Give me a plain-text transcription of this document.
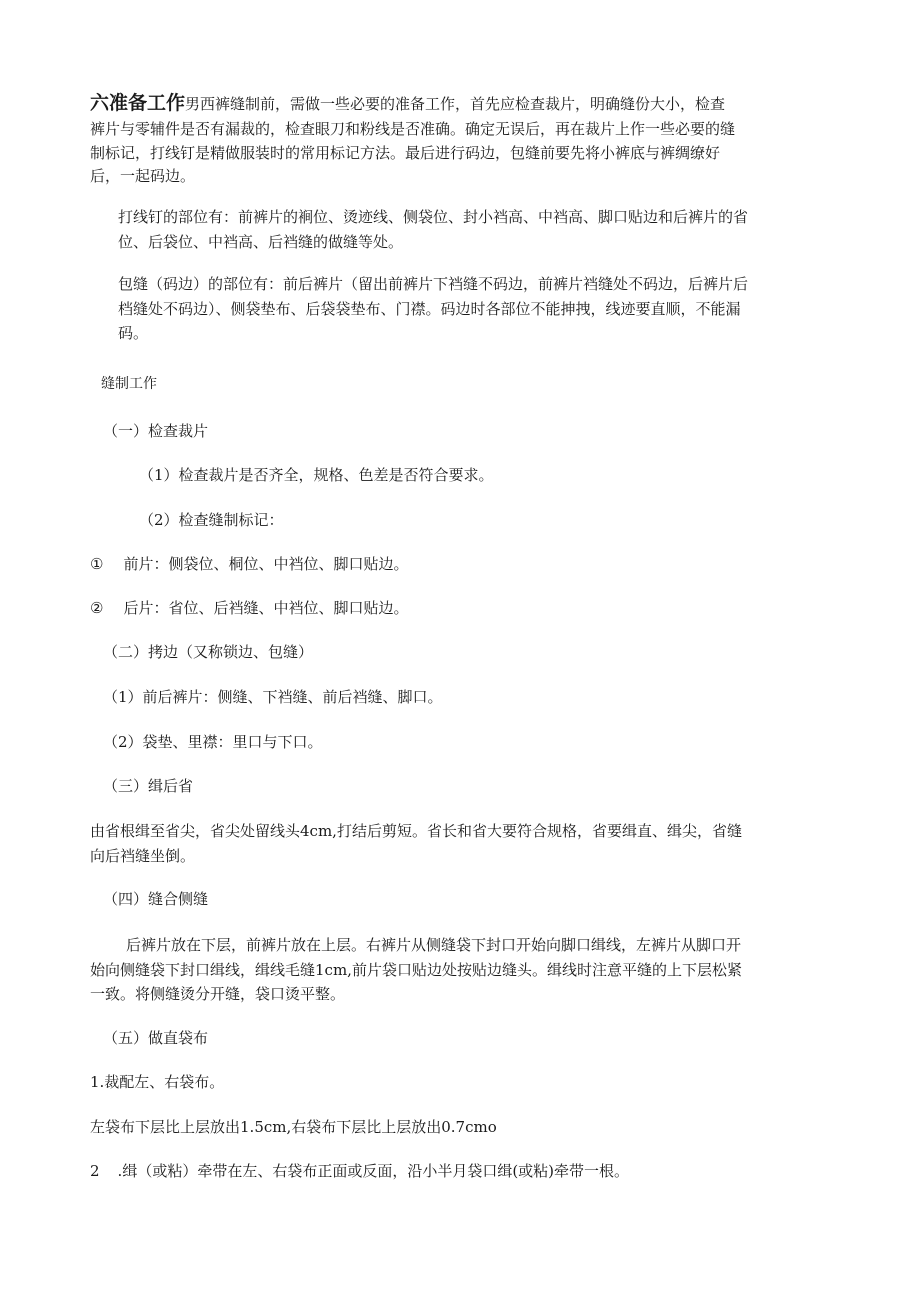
六准备工作男西裤缝制前，需做一些必要的准备工作，首先应检查裁片，明确缝份大小，检查
裤片与零辅件是否有漏裁的，检查眼刀和粉线是否准确。确定无误后，再在裁片上作一些必要的缝
制标记，打线钉是精做服装时的常用标记方法。最后进行码边，包缝前要先将小裤底与裤绸缭好
后，一起码边。
打线钉的部位有：前裤片的裥位、烫迹线、侧袋位、封小裆高、中裆高、脚口贴边和后裤片的省
位、后袋位、中裆高、后裆缝的做缝等处。
包缝（码边）的部位有：前后裤片（留出前裤片下裆缝不码边，前裤片裆缝处不码边，后裤片后
档缝处不码边）、侧袋垫布、后袋袋垫布、门襟。码边时各部位不能抻拽，线迹要直顺，不能漏
码。
缝制工作
（一）检查裁片
（1）检查裁片是否齐全，规格、色差是否符合要求。
（2）检查缝制标记：
① 前片：侧袋位、桐位、中裆位、脚口贴边。
② 后片：省位、后裆缝、中裆位、脚口贴边。
（二）拷边（又称锁边、包缝）
（1）前后裤片：侧缝、下裆缝、前后裆缝、脚口。
（2）袋垫、里襟：里口与下口。
（三）缉后省
由省根缉至省尖，省尖处留线头4cm,打结后剪短。省长和省大要符合规格，省要缉直、缉尖，省缝
向后裆缝坐倒。
（四）缝合侧缝
后裤片放在下层，前裤片放在上层。右裤片从侧缝袋下封口开始向脚口缉线，左裤片从脚口开
始向侧缝袋下封口缉线，缉线毛缝1cm,前片袋口贴边处按贴边缝头。缉线时注意平缝的上下层松紧
一致。将侧缝烫分开缝，袋口烫平整。
（五）做直袋布
1.裁配左、右袋布。
左袋布下层比上层放出1.5cm,右袋布下层比上层放出0.7cmo
2 .缉（或粘）牵带在左、右袋布正面或反面，沿小半月袋口缉(或粘)牵带一根。
